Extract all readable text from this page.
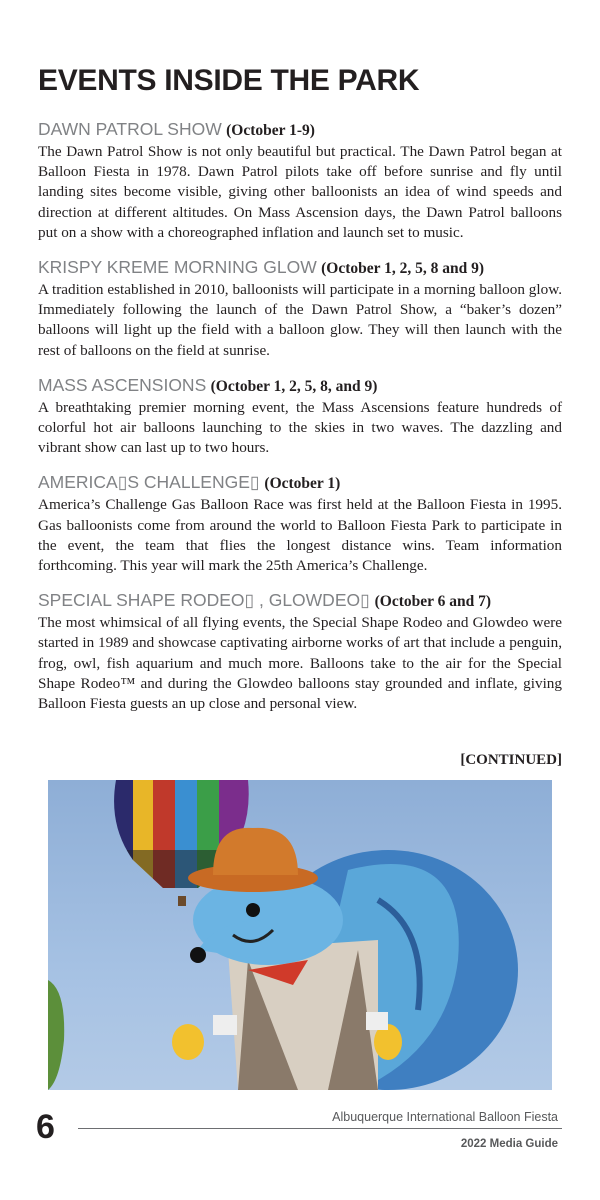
EVENTS INSIDE THE PARK
DAWN PATROL SHOW (October 1-9)

The Dawn Patrol Show is not only beautiful but practical. The Dawn Patrol began at Balloon Fiesta in 1978. Dawn Patrol pilots take off before sunrise and fly until landing sites become visible, giving other balloonists an idea of wind speeds and direction at different altitudes. On Mass Ascension days, the Dawn Patrol balloons put on a show with a choreographed inflation and launch set to music.

KRISPY KREME MORNING GLOW (October 1, 2, 5, 8 and 9)

A tradition established in 2010, balloonists will participate in a morning balloon glow. Immediately following the launch of the Dawn Patrol Show, a “baker’s dozen” balloons will light up the field with a balloon glow. They will then launch with the rest of balloons on the field at sunrise.

MASS ASCENSIONS (October 1, 2, 5, 8, and 9)

A breathtaking premier morning event, the Mass Ascensions feature hundreds of colorful hot air balloons launching to the skies in two waves. The dazzling and vibrant show can last up to two hours.

AMERICA▯S CHALLENGE▯ (October 1)

America’s Challenge Gas Balloon Race was first held at the Balloon Fiesta in 1995. Gas balloonists come from around the world to Balloon Fiesta Park to participate in the event, the team that flies the longest distance wins. Team information forthcoming. This year will mark the 25th America’s Challenge.

SPECIAL SHAPE RODEO▯ , GLOWDEO▯ (October 6 and 7)

The most whimsical of all flying events, the Special Shape Rodeo and Glowdeo were started in 1989 and showcase captivating airborne works of art that include a penguin, frog, owl, fish aquarium and much more. Balloons take to the air for the Special Shape Rodeo™ and during the Glowdeo balloons stay grounded and inflate, giving Balloon Fiesta guests an up close and personal view.

[CONTINUED]
6	Albuquerque International Balloon Fiesta
2022 Media Guide
